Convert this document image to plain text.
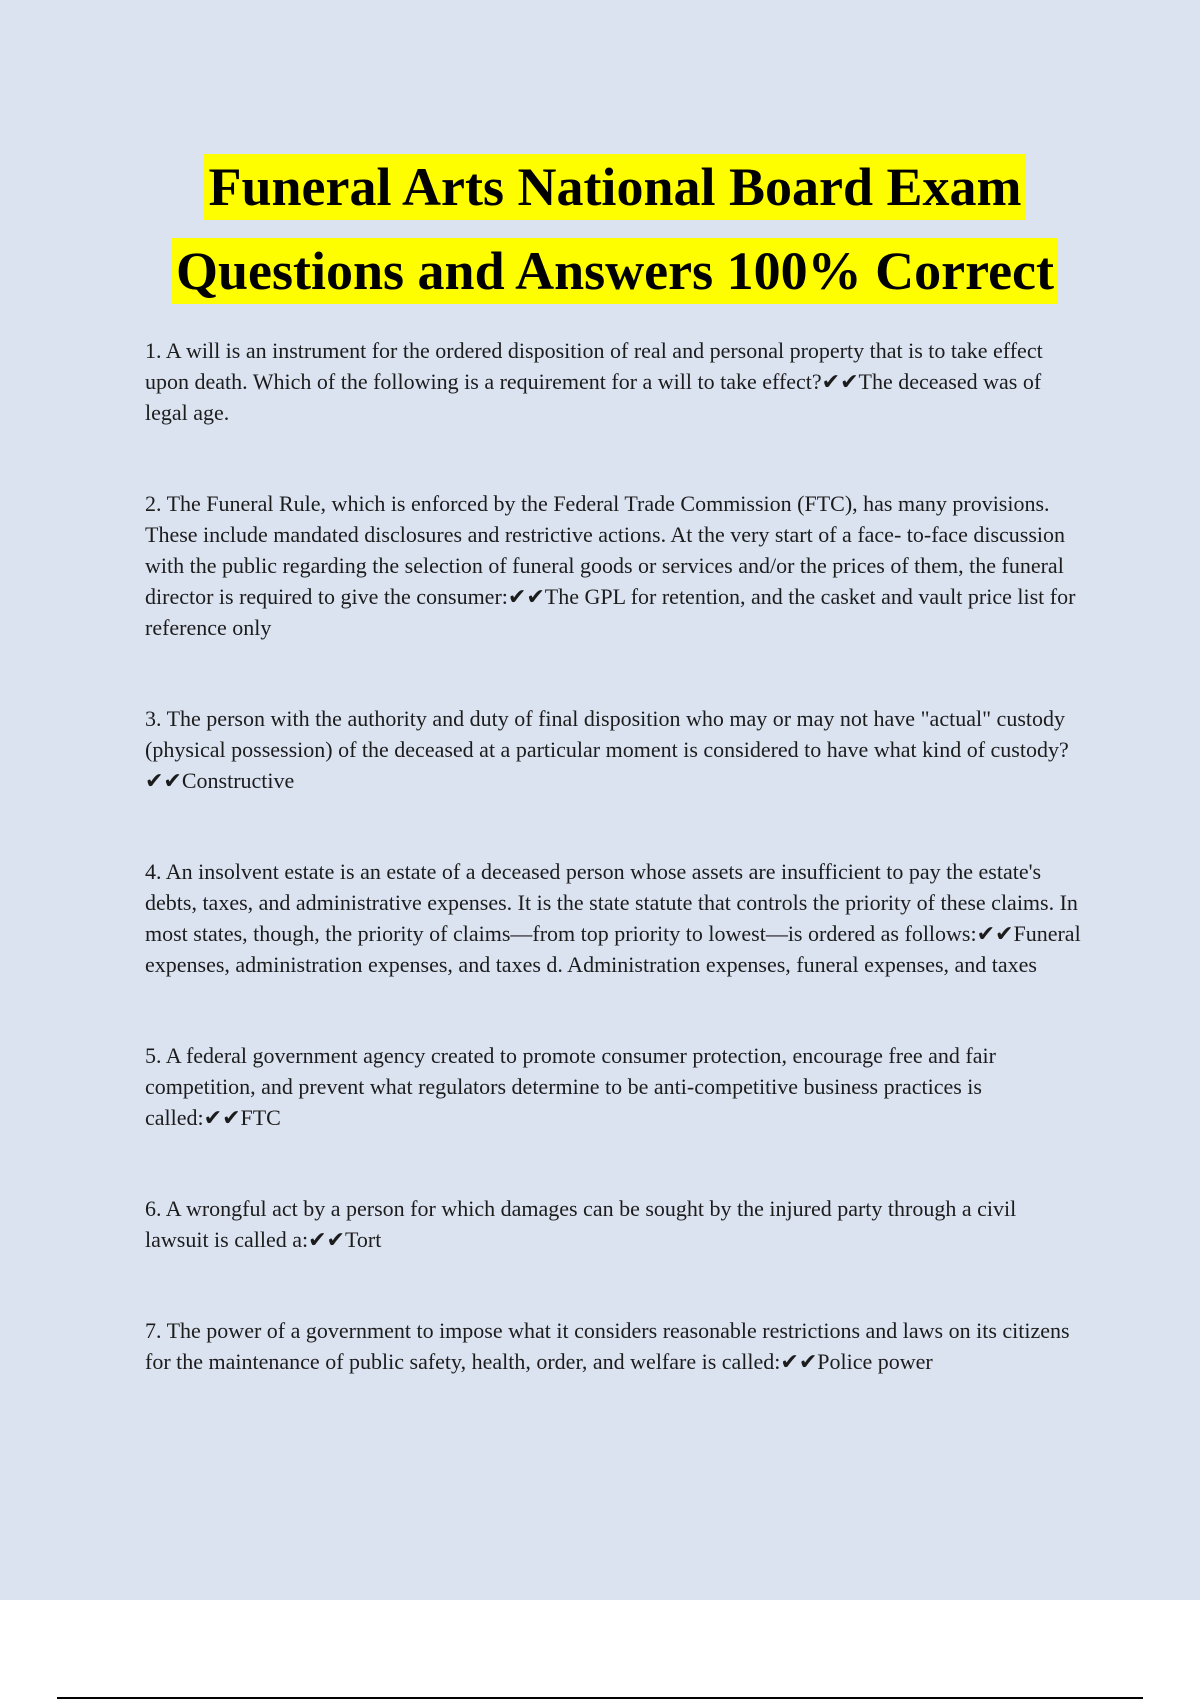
Funeral Arts National Board Exam
Questions and Answers 100% Correct

1. A will is an instrument for the ordered disposition of real and personal property that is to take effect upon death. Which of the following is a requirement for a will to take effect?✔✔The deceased was of legal age.

2. The Funeral Rule, which is enforced by the Federal Trade Commission (FTC), has many provisions. These include mandated disclosures and restrictive actions. At the very start of a face- to-face discussion with the public regarding the selection of funeral goods or services and/or the prices of them, the funeral director is required to give the consumer:✔✔The GPL for retention, and the casket and vault price list for reference only

3. The person with the authority and duty of final disposition who may or may not have "actual" custody (physical possession) of the deceased at a particular moment is considered to have what kind of custody?✔✔Constructive

4. An insolvent estate is an estate of a deceased person whose assets are insufficient to pay the estate's debts, taxes, and administrative expenses. It is the state statute that controls the priority of these claims. In most states, though, the priority of claims—from top priority to lowest—is ordered as follows:✔✔Funeral expenses, administration expenses, and taxes d. Administration expenses, funeral expenses, and taxes

5. A federal government agency created to promote consumer protection, encourage free and fair competition, and prevent what regulators determine to be anti-competitive business practices is called:✔✔FTC

6. A wrongful act by a person for which damages can be sought by the injured party through a civil lawsuit is called a:✔✔Tort

7. The power of a government to impose what it considers reasonable restrictions and laws on its citizens for the maintenance of public safety, health, order, and welfare is called:✔✔Police power
